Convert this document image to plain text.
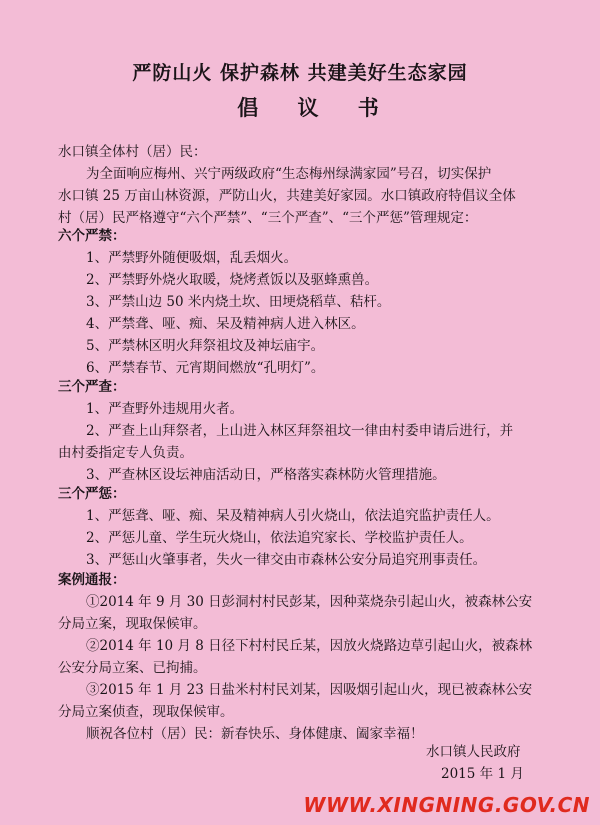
严防山火 保护森林 共建美好生态家园
倡 议 书
水口镇全体村（居）民：
为全面响应梅州、兴宁两级政府“生态梅州绿满家园”号召，切实保护
水口镇 25 万亩山林资源，严防山火，共建美好家园。水口镇政府特倡议全体
村（居）民严格遵守“六个严禁”、“三个严查”、“三个严惩”管理规定：
六个严禁：
1、严禁野外随便吸烟，乱丢烟火。
2、严禁野外烧火取暖，烧烤煮饭以及驱蜂熏兽。
3、严禁山边 50 米内烧土坎、田埂烧稻草、秸杆。
4、严禁聋、哑、痴、呆及精神病人进入林区。
5、严禁林区明火拜祭祖坟及神坛庙宇。
6、严禁春节、元宵期间燃放“孔明灯”。
三个严查：
1、严查野外违规用火者。
2、严查上山拜祭者，上山进入林区拜祭祖坟一律由村委申请后进行，并
由村委指定专人负责。
3、严查林区设坛神庙活动日，严格落实森林防火管理措施。
三个严惩：
1、严惩聋、哑、痴、呆及精神病人引火烧山，依法追究监护责任人。
2、严惩儿童、学生玩火烧山，依法追究家长、学校监护责任人。
3、严惩山火肇事者，失火一律交由市森林公安分局追究刑事责任。
案例通报：
①2014 年 9 月 30 日彭洞村村民彭某，因种菜烧杂引起山火，被森林公安
分局立案，现取保候审。
②2014 年 10 月 8 日径下村村民丘某，因放火烧路边草引起山火，被森林
公安分局立案、已拘捕。
③2015 年 1 月 23 日盐米村村民刘某，因吸烟引起山火，现已被森林公安
分局立案侦查，现取保候审。
顺祝各位村（居）民：新春快乐、身体健康、阖家幸福！
水口镇人民政府
2015 年 1 月
WWW.XINGNING.GOV.CN
